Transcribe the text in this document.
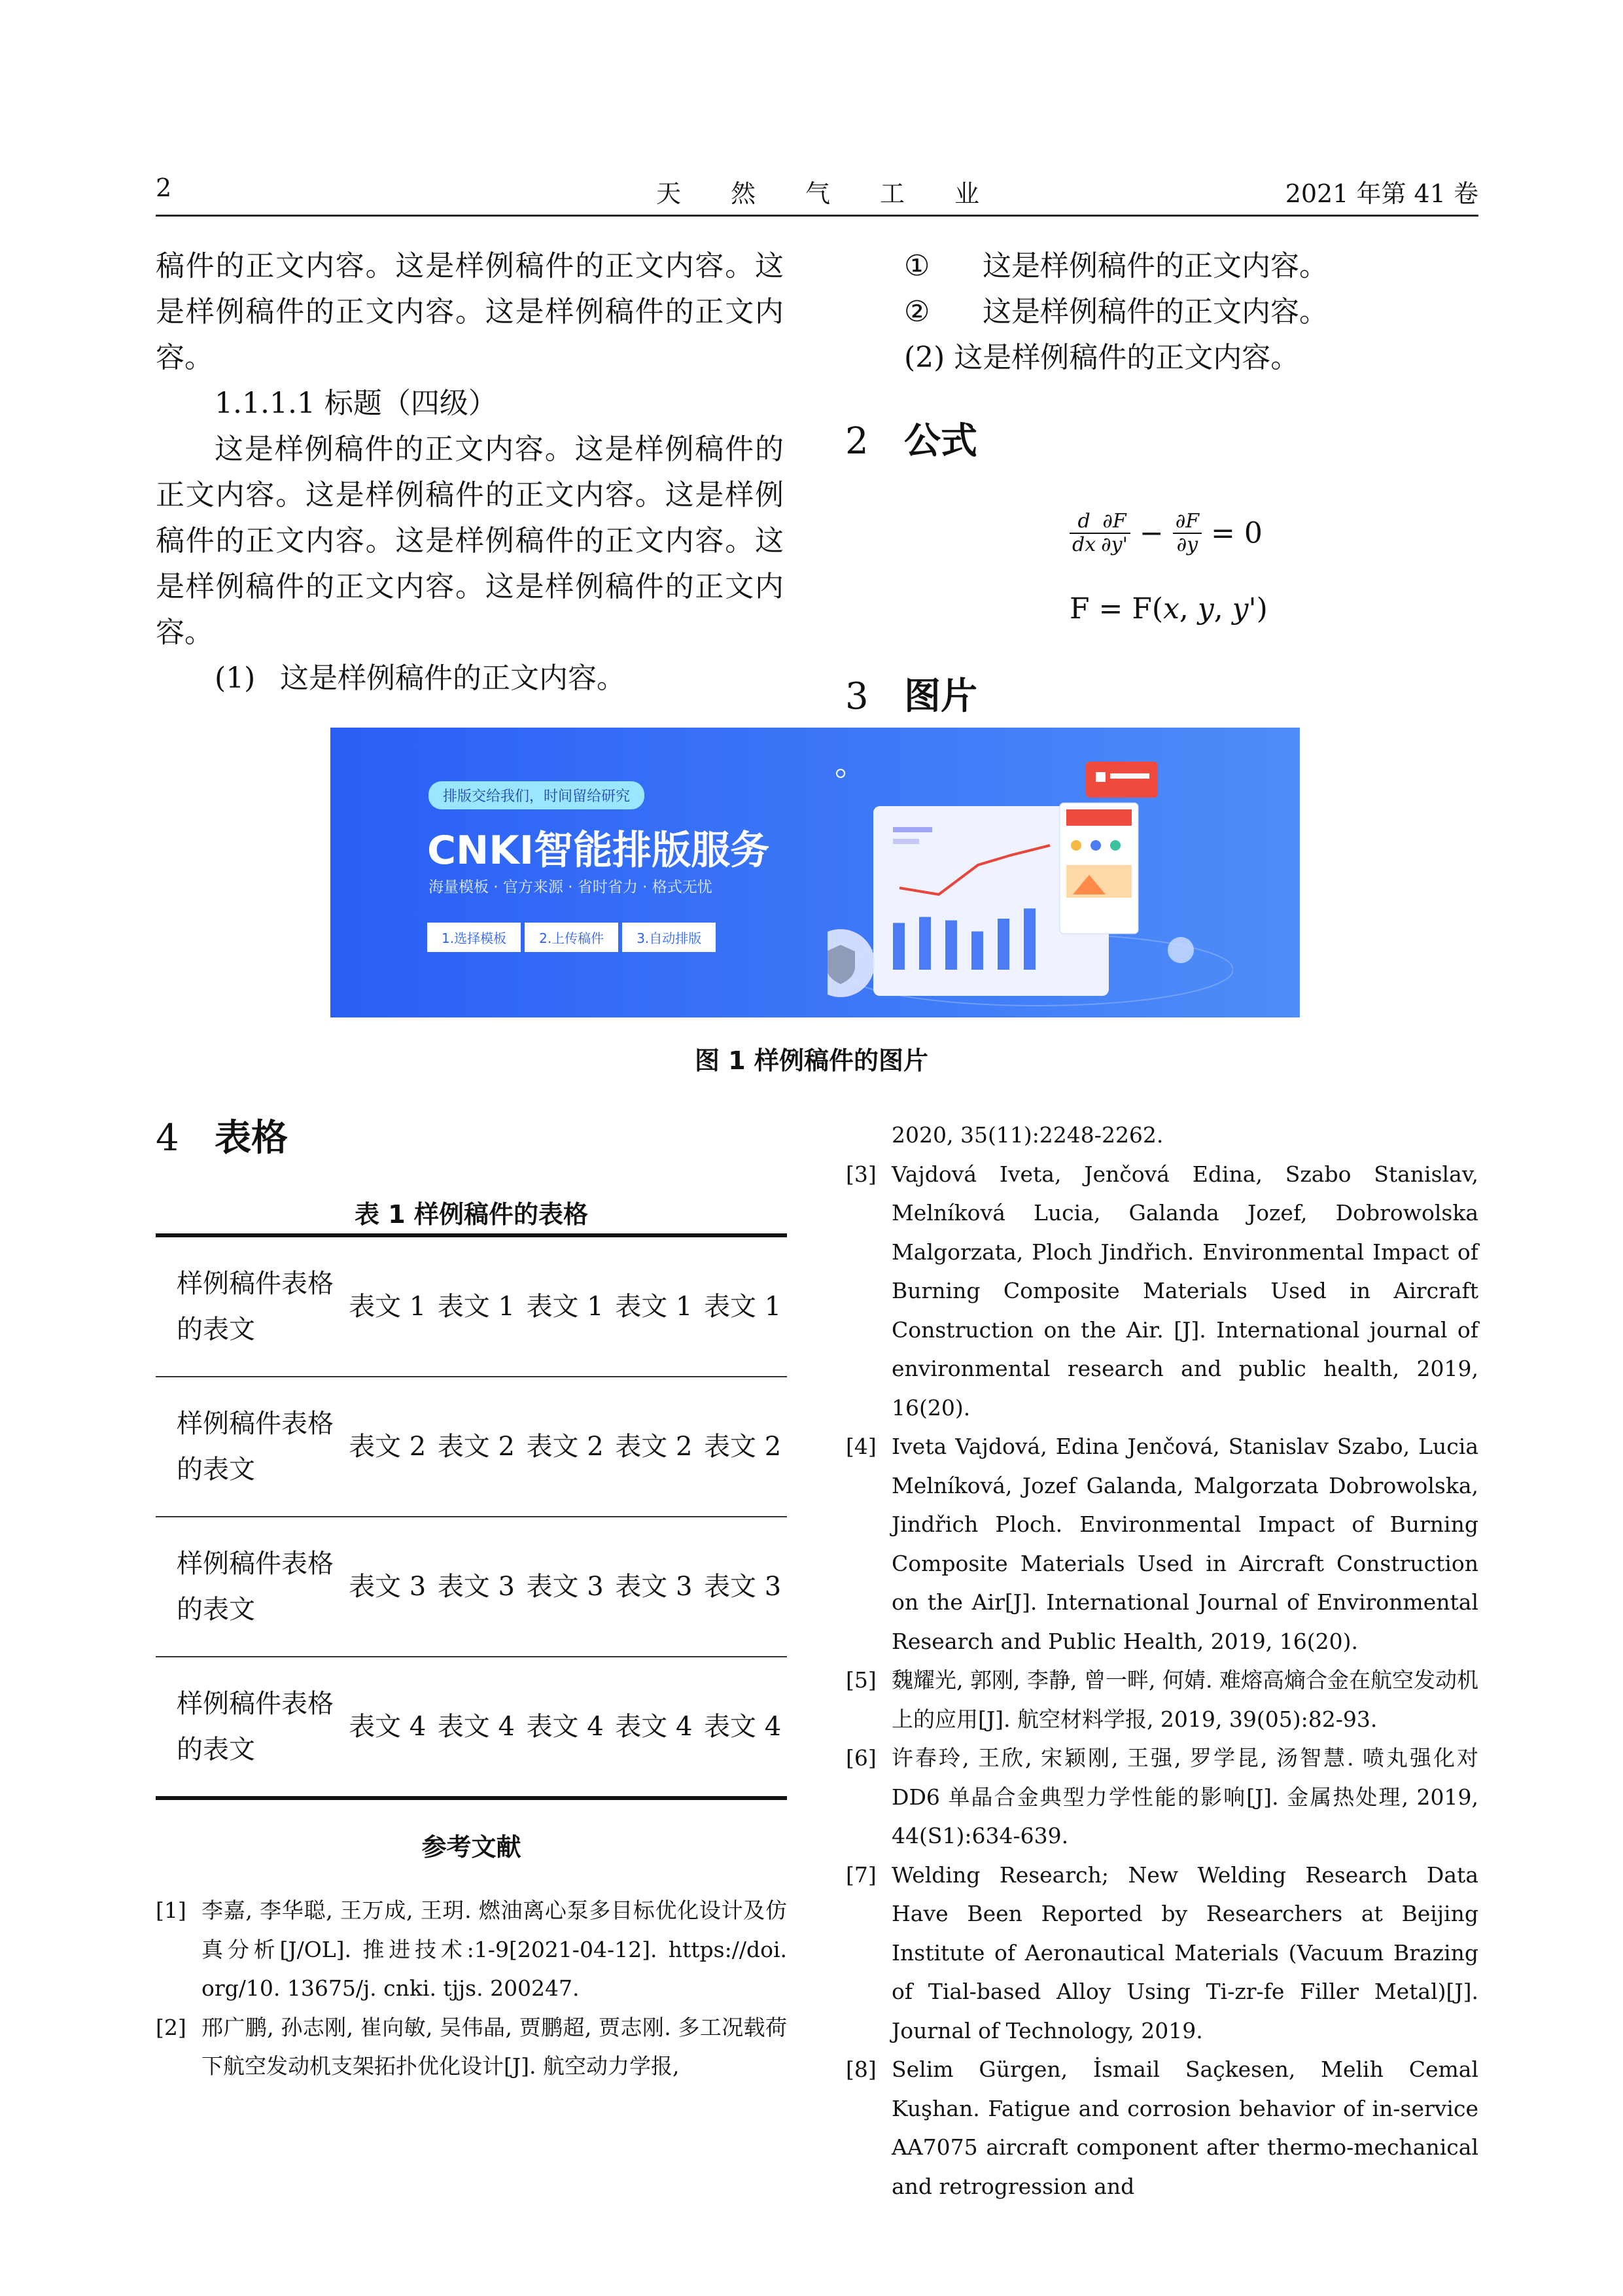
2	天　　然　　气　　工　　业	2021 年第 41 卷

稿件的正文内容。这是样例稿件的正文内容。这是样例稿件的正文内容。这是样例稿件的正文内容。

1.1.1.1 标题（四级）

这是样例稿件的正文内容。这是样例稿件的正文内容。这是样例稿件的正文内容。这是样例稿件的正文内容。这是样例稿件的正文内容。这是样例稿件的正文内容。这是样例稿件的正文内容。

(1) 这是样例稿件的正文内容。

① 这是样例稿件的正文内容。

② 这是样例稿件的正文内容。

(2) 这是样例稿件的正文内容。

2 公式
$\frac{d}{dx} \frac{\partial F}{\partial y'} - \frac{\partial F}{\partial y} = 0$
F = F(𝑥, 𝑦, 𝑦')
3 图片
排版交给我们，时间留给研究
CNKI智能排版服务
海量模板 · 官方来源 · 省时省力 · 格式无忧
1.选择模板	2.上传稿件	3.自动排版
图 1 样例稿件的图片
4 表格
表 1 样例稿件的表格
样例稿件表格的表文	表文 1	表文 1	表文 1	表文 1	表文 1
样例稿件表格的表文	表文 2	表文 2	表文 2	表文 2	表文 2
样例稿件表格的表文	表文 3	表文 3	表文 3	表文 3	表文 3
样例稿件表格的表文	表文 4	表文 4	表文 4	表文 4	表文 4
参考文献

[1] 李嘉, 李华聪, 王万成, 王玥. 燃油离心泵多目标优化设计及仿真分析[J/OL]. 推进技术:1-9[2021-04-12]. https://doi. org/10. 13675/j. cnki. tjjs. 200247.

[2] 邢广鹏, 孙志刚, 崔向敏, 吴伟晶, 贾鹏超, 贾志刚. 多工况载荷下航空发动机支架拓扑优化设计[J]. 航空动力学报,

2020, 35(11):2248-2262.

[3] Vajdová Iveta, Jenčová Edina, Szabo Stanislav, Melníková Lucia, Galanda Jozef, Dobrowolska Malgorzata, Ploch Jindřich. Environmental Impact of Burning Composite Materials Used in Aircraft Construction on the Air. [J]. International journal of environmental research and public health, 2019, 16(20).

[4] Iveta Vajdová, Edina Jenčová, Stanislav Szabo, Lucia Melníková, Jozef Galanda, Malgorzata Dobrowolska, Jindřich Ploch. Environmental Impact of Burning Composite Materials Used in Aircraft Construction on the Air[J]. International Journal of Environmental Research and Public Health, 2019, 16(20).

[5] 魏耀光, 郭刚, 李静, 曾一畔, 何婧. 难熔高熵合金在航空发动机上的应用[J]. 航空材料学报, 2019, 39(05):82-93.

[6] 许春玲, 王欣, 宋颖刚, 王强, 罗学昆, 汤智慧. 喷丸强化对 DD6 单晶合金典型力学性能的影响[J]. 金属热处理, 2019, 44(S1):634-639.

[7] Welding Research; New Welding Research Data Have Been Reported by Researchers at Beijing Institute of Aeronautical Materials (Vacuum Brazing of Tial-based Alloy Using Ti-zr-fe Filler Metal)[J]. Journal of Technology, 2019.

[8] Selim Gürgen, İsmail Saçkesen, Melih Cemal Kuşhan. Fatigue and corrosion behavior of in-service AA7075 aircraft component after thermo-mechanical and retrogression and
